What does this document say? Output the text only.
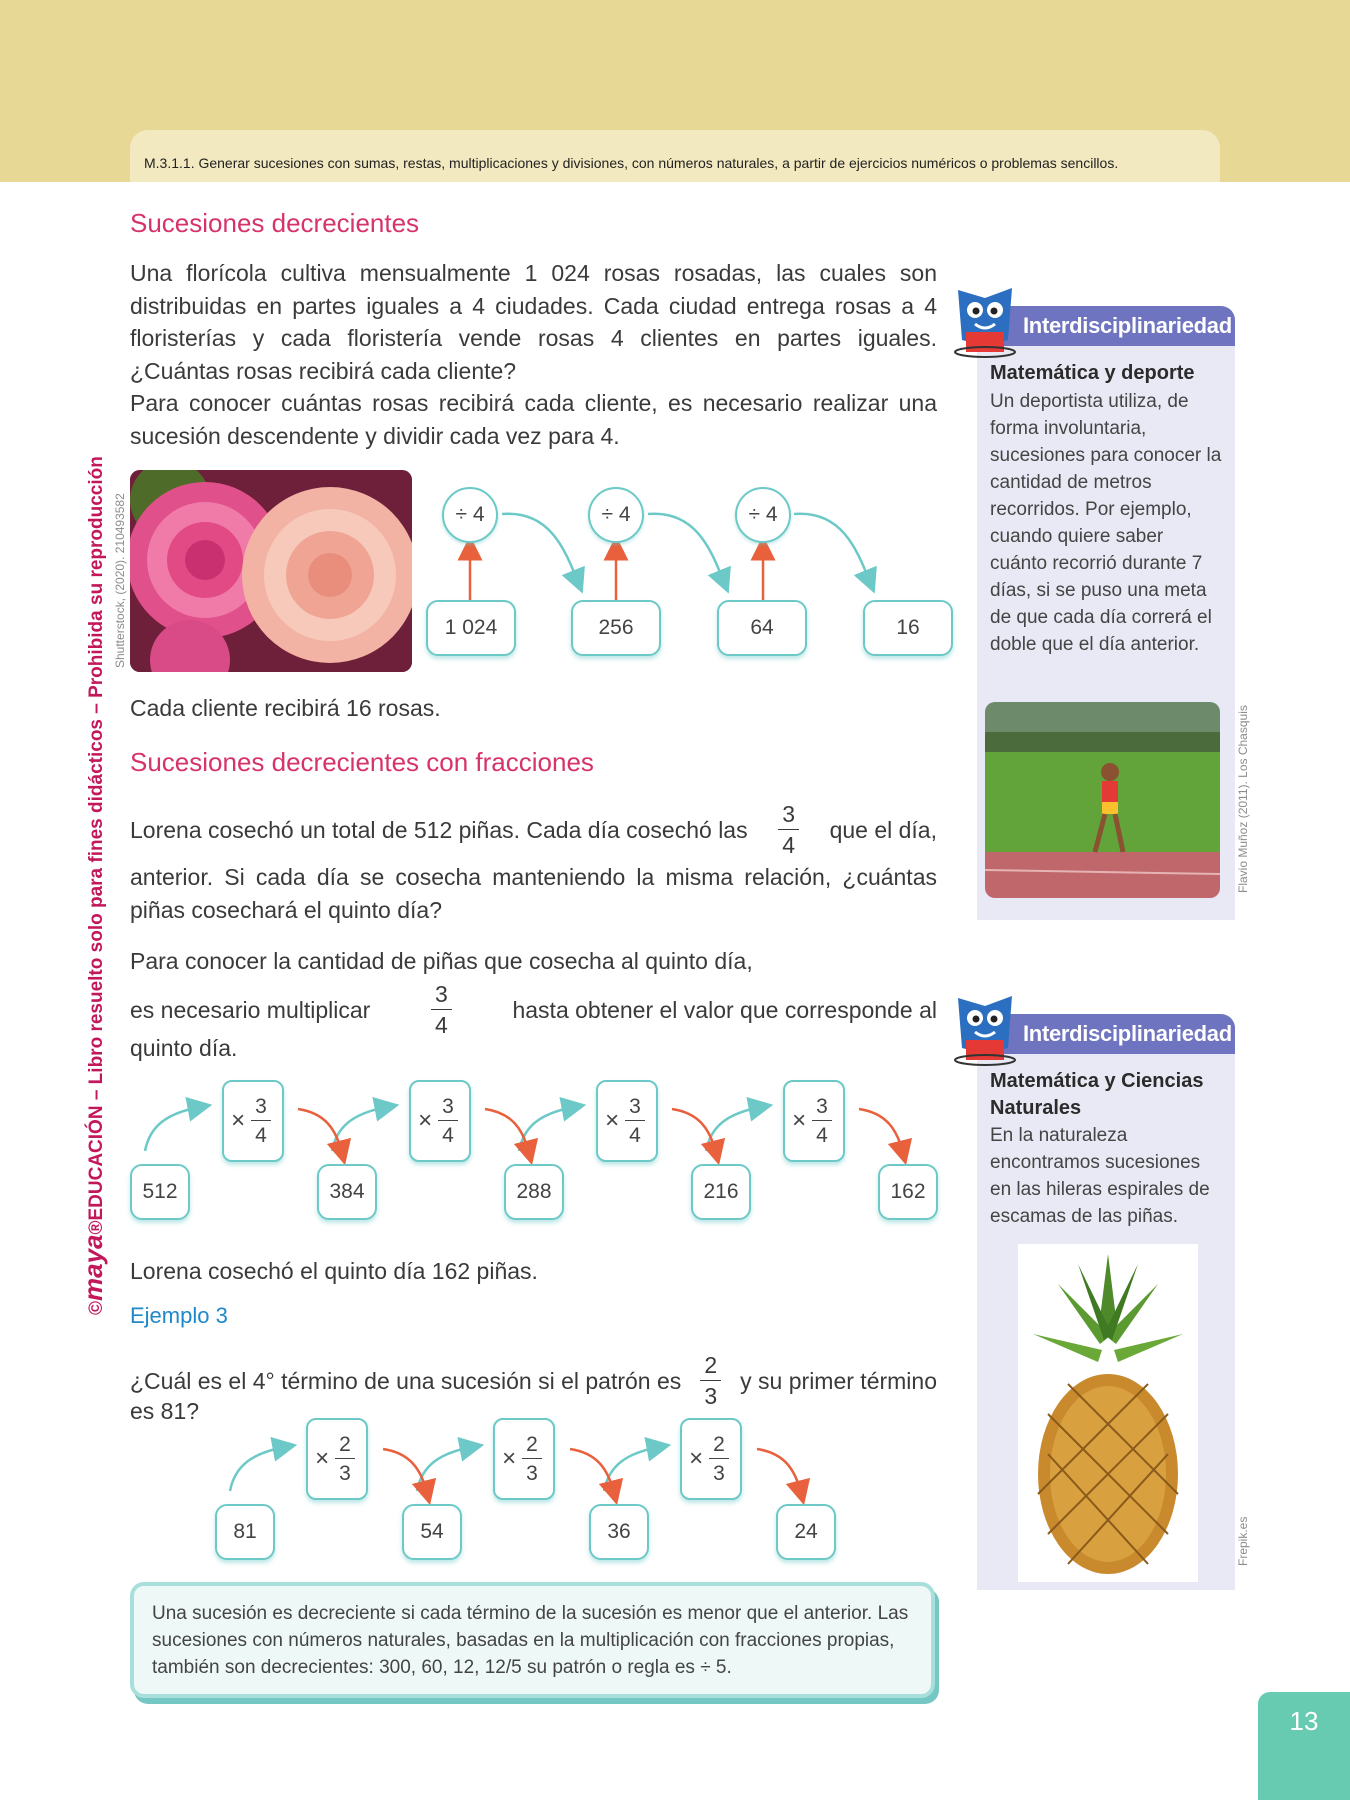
M.3.1.1. Generar sucesiones con sumas, restas, multiplicaciones y divisiones, con números naturales, a partir de ejercicios numéricos o problemas sencillos.
©maya®EDUCACIÓN – Libro resuelto solo para fines didácticos – Prohibida su reproducción
Sucesiones decrecientes

Una florícola cultiva mensualmente 1 024 rosas rosadas, las cuales son distribuidas en partes iguales a 4 ciudades. Cada ciudad entrega rosas a 4 floristerías y cada floristería vende rosas 4 clientes en partes iguales. ¿Cuántas rosas recibirá cada cliente?

Para conocer cuántas rosas recibirá cada cliente, es necesario realizar una sucesión descendente y dividir cada vez para 4.

Shutterstock, (2020). 210493582	÷ 4	÷ 4	÷ 4
1 024	256	64	16
Cada cliente recibirá 16 rosas.
Sucesiones decrecientes con fracciones
Lorena cosechó un total de 512 piñas. Cada día cosechó las $\frac{3}{4}$ que el día,

anterior. Si cada día se cosecha manteniendo la misma relación, ¿cuántas piñas cosechará el quinto día?

Para conocer la cantidad de piñas que cosecha al quinto día,
es necesario multiplicar	$\frac{3}{4}$	hasta obtener el valor que corresponde al
quinto día.
× $\frac{3}{4}$	× $\frac{3}{4}$	× $\frac{3}{4}$	× $\frac{3}{4}$
512	384	288	216	162
Lorena cosechó el quinto día 162 piñas.
Ejemplo 3
¿Cuál es el 4° término de una sucesión si el patrón es $\frac{2}{3}$ y su primer término
es 81?
× $\frac{2}{3}$	× $\frac{2}{3}$	× $\frac{2}{3}$
81	54	36	24
Una sucesión es decreciente si cada término de la sucesión es menor que el anterior. Las sucesiones con números naturales, basadas en la multiplicación con fracciones propias, también son decrecientes: 300, 60, 12, 12/5 su patrón o regla es ÷ 5.
Interdisciplinariedad
Matemática y deporte
Un deportista utiliza, de forma involuntaria, sucesiones para conocer la cantidad de metros recorridos. Por ejemplo, cuando quiere saber cuánto recorrió durante 7 días, si se puso una meta de que cada día correrá el doble que el día anterior.
Flavio Muñoz (2011). Los Chasquis
Interdisciplinariedad
Matemática y Ciencias Naturales
En la naturaleza encontramos sucesiones en las hileras espirales de escamas de las piñas.
Frepik.es
13
